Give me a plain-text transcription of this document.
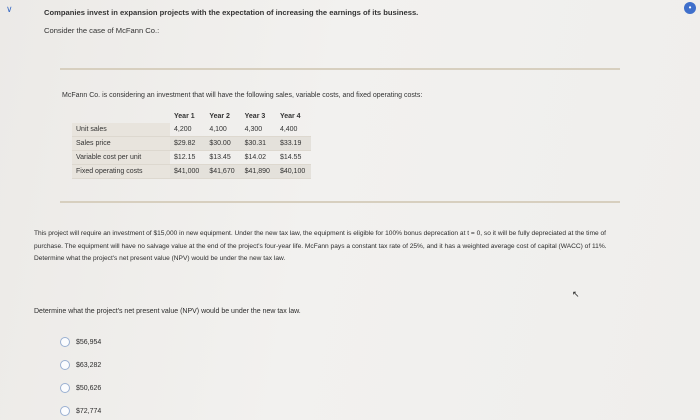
∨	•
Companies invest in expansion projects with the expectation of increasing the earnings of its business.
Consider the case of McFann Co.:
McFann Co. is considering an investment that will have the following sales, variable costs, and fixed operating costs:
	Year 1	Year 2	Year 3	Year 4
Unit sales	4,200	4,100	4,300	4,400
Sales price	$29.82	$30.00	$30.31	$33.19
Variable cost per unit	$12.15	$13.45	$14.02	$14.55
Fixed operating costs	$41,000	$41,670	$41,890	$40,100
This project will require an investment of $15,000 in new equipment. Under the new tax law, the equipment is eligible for 100% bonus deprecation at t = 0, so it will be fully depreciated at the time of purchase. The equipment will have no salvage value at the end of the project's four-year life. McFann pays a constant tax rate of 25%, and it has a weighted average cost of capital (WACC) of 11%. Determine what the project's net present value (NPV) would be under the new tax law.
↖
Determine what the project's net present value (NPV) would be under the new tax law.
$56,954
$63,282
$50,626
$72,774
